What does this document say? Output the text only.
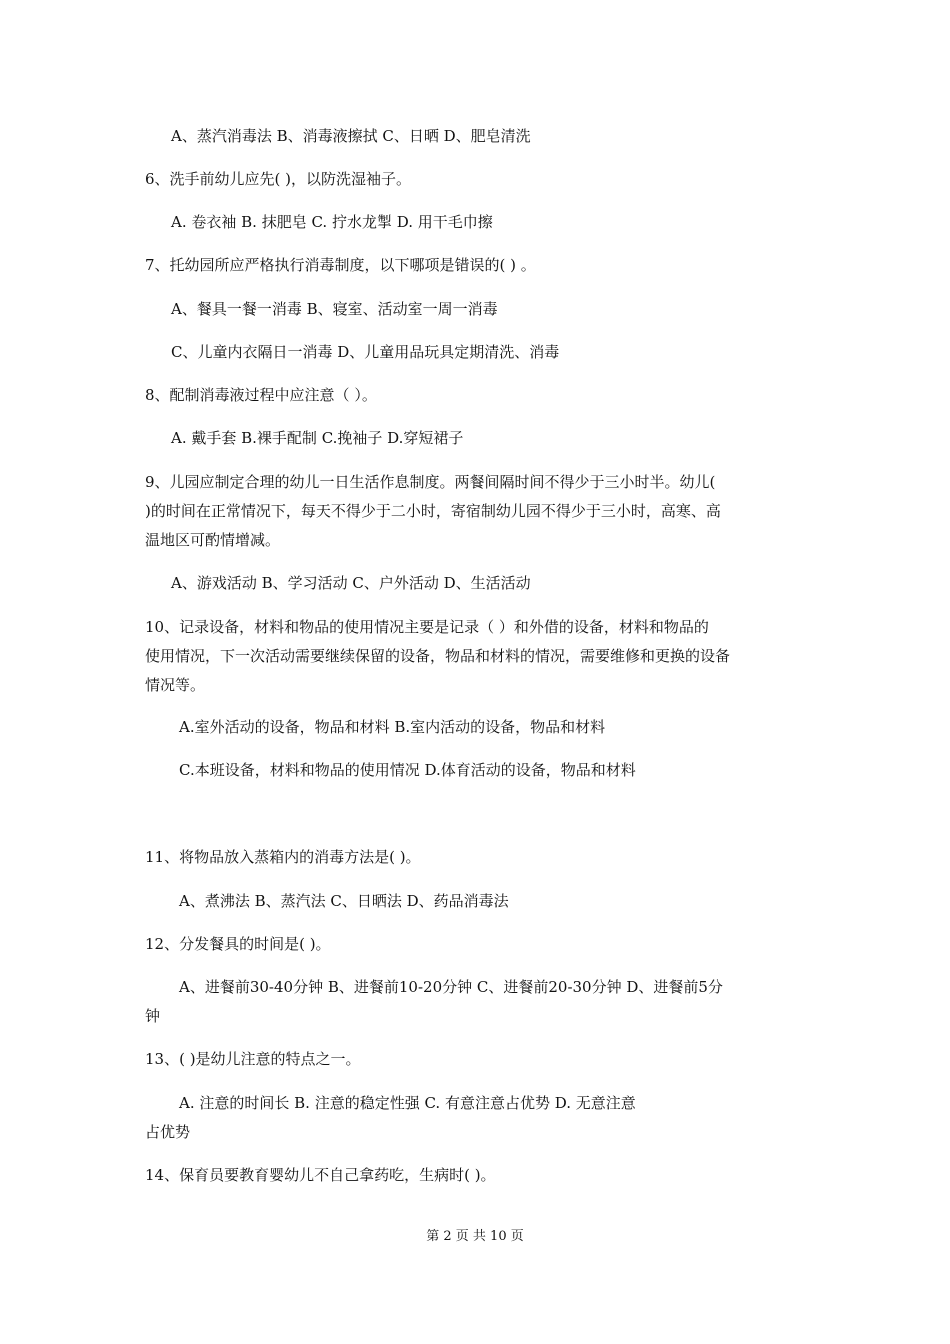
A、蒸汽消毒法 B、消毒液擦拭 C、日晒 D、肥皂清洗
6、洗手前幼儿应先( )，以防洗湿袖子。
A. 卷衣袖 B. 抹肥皂 C. 拧水龙掣 D. 用干毛巾擦
7、托幼园所应严格执行消毒制度，以下哪项是错误的( ) 。
A、餐具一餐一消毒 B、寝室、活动室一周一消毒
C、儿童内衣隔日一消毒 D、儿童用品玩具定期清洗、消毒
8、配制消毒液过程中应注意（ ）。
A. 戴手套 B.裸手配制 C.挽袖子 D.穿短裙子
9、儿园应制定合理的幼儿一日生活作息制度。两餐间隔时间不得少于三小时半。幼儿(
)的时间在正常情况下，每天不得少于二小时，寄宿制幼儿园不得少于三小时，高寒、高
温地区可酌情增减。
A、游戏活动 B、学习活动 C、户外活动 D、生活活动
10、记录设备，材料和物品的使用情况主要是记录（ ）和外借的设备，材料和物品的
使用情况，下一次活动需要继续保留的设备，物品和材料的情况，需要维修和更换的设备
情况等。
A.室外活动的设备，物品和材料 B.室内活动的设备，物品和材料
C.本班设备，材料和物品的使用情况 D.体育活动的设备，物品和材料
11、将物品放入蒸箱内的消毒方法是( )。
A、煮沸法 B、蒸汽法 C、日晒法 D、药品消毒法
12、分发餐具的时间是( )。
A、进餐前30-40分钟 B、进餐前10-20分钟 C、进餐前20-30分钟 D、进餐前5分
钟
13、( )是幼儿注意的特点之一。
A. 注意的时间长 B. 注意的稳定性强 C. 有意注意占优势 D. 无意注意
占优势
14、保育员要教育婴幼儿不自己拿药吃，生病时( )。
第 2 页 共 10 页
